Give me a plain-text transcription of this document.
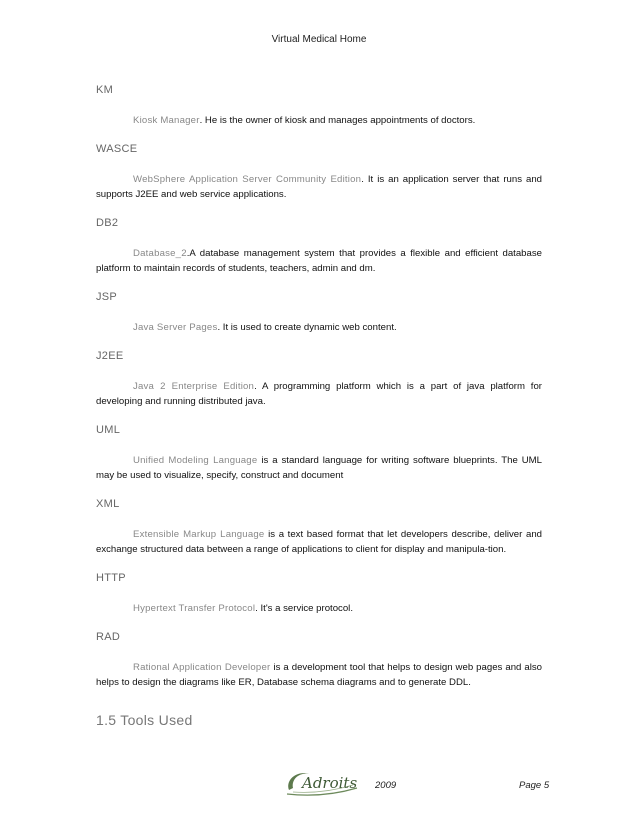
Virtual Medical Home
KM

Kiosk Manager. He is the owner of kiosk and manages appointments of doctors.

WASCE

WebSphere Application Server Community Edition. It is an application server that runs and supports J2EE and web service applications.

DB2

Database_2.A database management system that provides a flexible and efficient database platform to maintain records of students, teachers, admin and dm.

JSP

Java Server Pages. It is used to create dynamic web content.

J2EE

Java 2 Enterprise Edition. A programming platform which is a part of java platform for developing and running distributed java.

UML

Unified Modeling Language is a standard language for writing software blueprints. The UML may be used to visualize, specify, construct and document

XML

Extensible Markup Language is a text based format that let developers describe, deliver and exchange structured data between a range of applications to client for display and manipula-tion.

HTTP

Hypertext Transfer Protocol. It's a service protocol.

RAD

Rational Application Developer is a development tool that helps to design web pages and also helps to design the diagrams like ER, Database schema diagrams and to generate DDL.

1.5 Tools Used
Adroits 2009	Page 5
